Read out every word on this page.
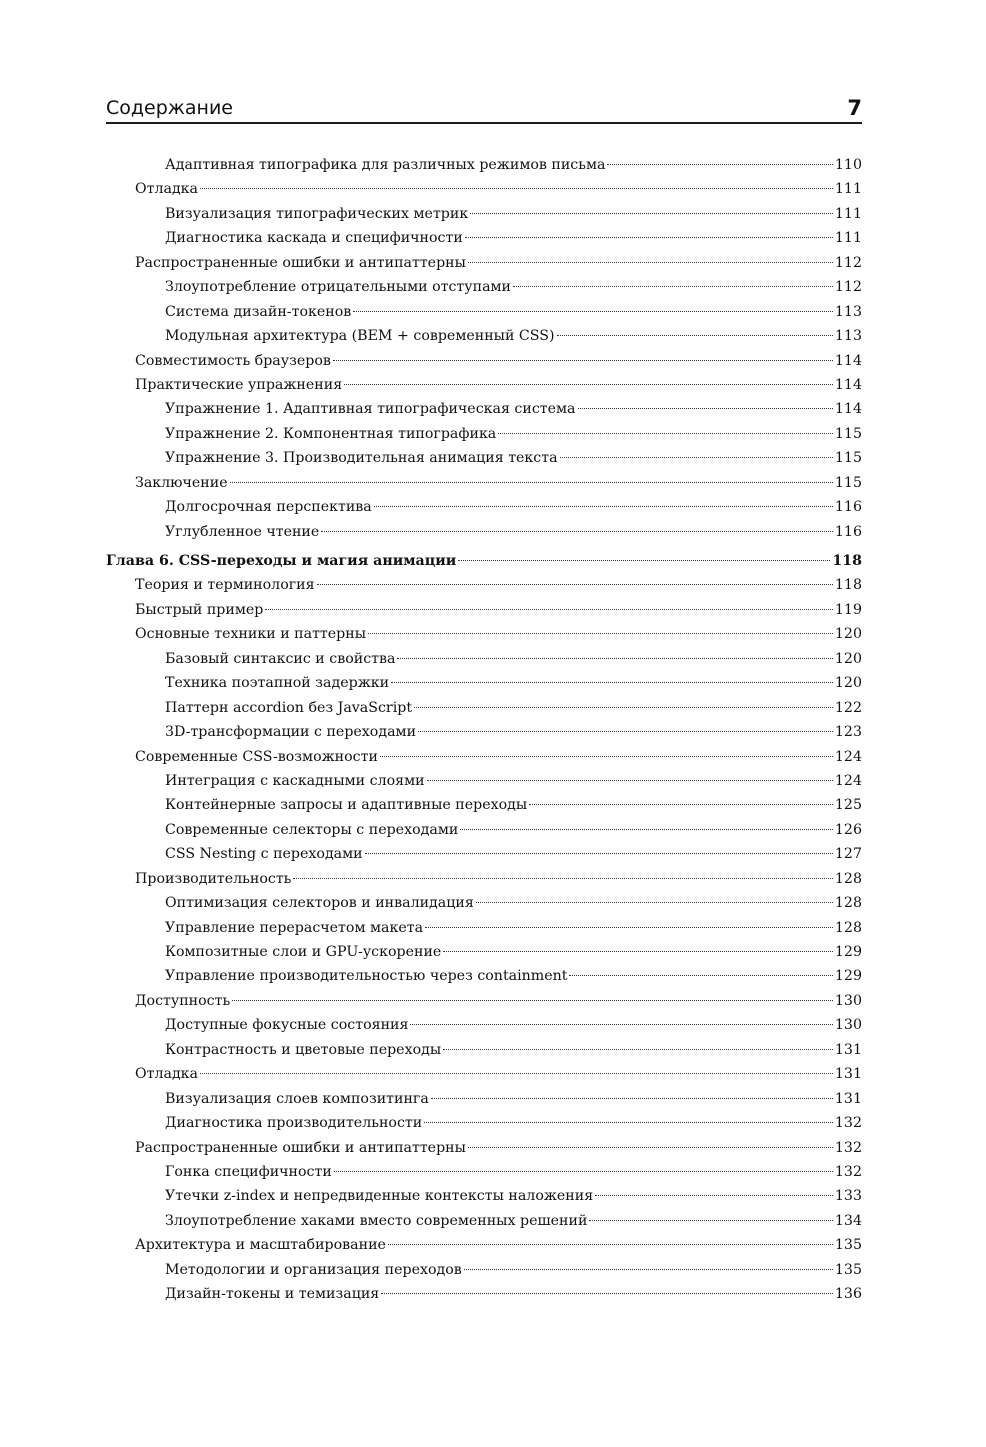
Содержание	7
Адаптивная типографика для различных режимов письма	110
Отладка	111
Визуализация типографических метрик	111
Диагностика каскада и специфичности	111
Распространенные ошибки и антипаттерны	112
Злоупотребление отрицательными отступами	112
Система дизайн-токенов	113
Модульная архитектура (BEM + современный CSS)	113
Совместимость браузеров	114
Практические упражнения	114
Упражнение 1. Адаптивная типографическая система	114
Упражнение 2. Компонентная типографика	115
Упражнение 3. Производительная анимация текста	115
Заключение	115
Долгосрочная перспектива	116
Углубленное чтение	116
Глава 6. CSS-переходы и магия анимации	118
Теория и терминология	118
Быстрый пример	119
Основные техники и паттерны	120
Базовый синтаксис и свойства	120
Техника поэтапной задержки	120
Паттерн accordion без JavaScript	122
3D-трансформации с переходами	123
Современные CSS-возможности	124
Интеграция с каскадными слоями	124
Контейнерные запросы и адаптивные переходы	125
Современные селекторы с переходами	126
CSS Nesting с переходами	127
Производительность	128
Оптимизация селекторов и инвалидация	128
Управление перерасчетом макета	128
Композитные слои и GPU-ускорение	129
Управление производительностью через containment	129
Доступность	130
Доступные фокусные состояния	130
Контрастность и цветовые переходы	131
Отладка	131
Визуализация слоев композитинга	131
Диагностика производительности	132
Распространенные ошибки и антипаттерны	132
Гонка специфичности	132
Утечки z-index и непредвиденные контексты наложения	133
Злоупотребление хаками вместо современных решений	134
Архитектура и масштабирование	135
Методологии и организация переходов	135
Дизайн-токены и темизация	136
